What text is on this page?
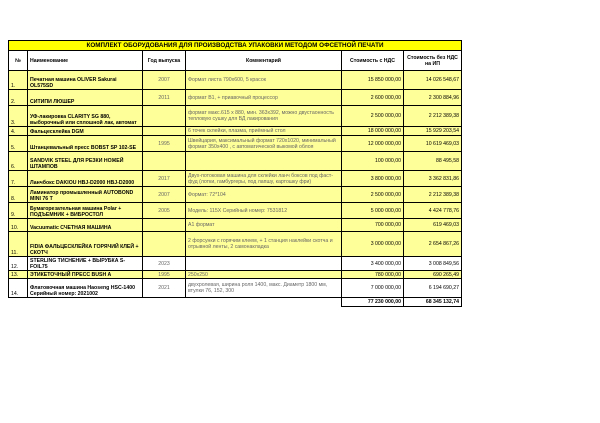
КОМПЛЕКТ ОБОРУДОВАНИЯ ДЛЯ ПРОИЗВОДСТВА УПАКОВКИ МЕТОДОМ ОФСЕТНОЙ ПЕЧАТИ					
№	Наименование	Год выпуска	Комментарий	Стоимость с НДС	Стоимость без НДС на ИП
1.	Печатная машина OLIVER Sakurai OL575SD	2007	Формат листа 790x600, 5 красок	15 850 000,00	14 026 548,67
2.	СИТИПИ ЛЮШЕР	2011	формат В1, + приавочный процессор	2 600 000,00	2 300 884,96
3.	УФ-лакировка CLARITY SG 880, выборочный или сплошной лак, автомат		формат макс.615 x 880, мин. 363x392, можно двустаонность тепловую сушку для ВД лакирования	2 500 000,00	2 212 389,38
4.	Фальцесклейка DGM		6 точек склейки, плазма, приёмный стол	18 000 000,00	15 929 203,54
5.	Штанцевальный пресс BOBST SP 102-SE	1995	Швейцария, максимальный формат 720x1020, минимальный формат 350x400 , с автоматической выкомой облоя	12 000 000,00	10 619 469,03
6.	SANDVIK STEEL ДЛЯ РЕЗКИ НОЖЕЙ ШТАМПОВ			100 000,00	88 495,58
7.	Ланчбокс DAKIOU HBJ-D2000 HBJ-D2000	2017	Двух-потоковая машина для склейки ланч боксов под фаст-фуд (лотки, гамбургеры, под лапшу, картошку фри)	3 800 000,00	3 362 831,86
8.	Ламинатор промышленный AUTOBOND MINI 76 T	2007	Формат: 72*104	2 500 000,00	2 212 389,38
9.	Бумагорезательная машина Polar + ПОДЪЕМНИК + ВИБРОСТОЛ	2005	Модель: 115X Серийный номер: 7531812	5 000 000,00	4 424 778,76
10.	Vacuumatic СЧЕТНАЯ МАШИНА		А1 формат	700 000,00	619 469,03
11.	FIDIA ФАЛЬЦЕСКЛЕЙКА ГОРЯЧИЙ КЛЕЙ + СКОТЧ		2 форсунки с горячим клеем, + 1 станция наклейки скотча и отрывной ленты, 2 самонакладка	3 000 000,00	2 654 867,26
12.	STERLING ТИСНЕНИЕ + ВЫРУБКА S-FOIL75	2023		3 400 000,00	3 008 849,56
13.	ЭТИКЕТОЧНЫЙ ПРЕСС BUSH A	1995	250x250	780 000,00	690 265,49
14.	Флатовочная машина Haoseng HSC-1400 Серийный номер: 2021002	2021	двухролевая, ширина роля 1400, макс. Диаметр 1800 мм, втулки 76, 152, 300	7 000 000,00	6 194 690,27
				77 230 000,00	68 345 132,74
